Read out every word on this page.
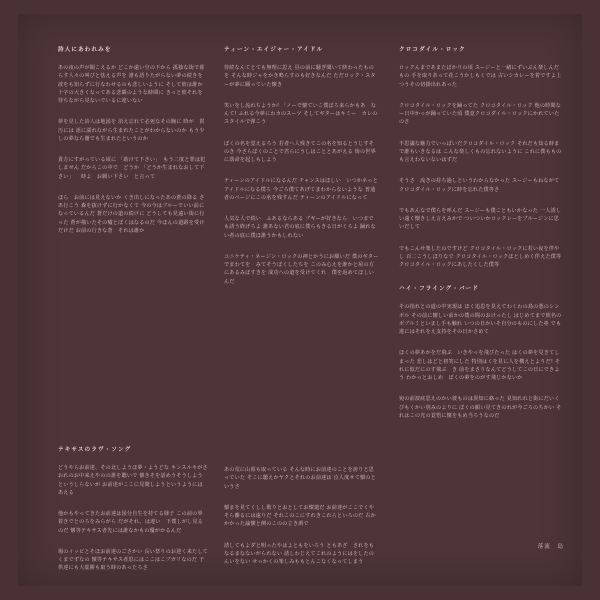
詩人にあわれみを

あの夜の声が聞こえるか どこか遠い空の下から 孤独な街で暮らす人々の叫びと怯える声を 誰も語りたがらない夢の続きを 波をも知らずに行なわせるのも悲しいように そして彼は誰か十字の大きくなってある悲観のような時間に きっと彼それを待ちながら見ないでいるに違いない

夢を見した詩人は地図を 消え忘れて必死なその胸に 時が　貫汚には 語に濡れながら生まれたことがわからないのか もう少しの夢なら闇でも生まれたというのか

貴方にすがっている頃に 「助けて下さい」　もう二度と罪は犯しません だからこの中で　どうか 「どうか生まれなおして下さい」 　時よ　お願い下さい　と言って

ほら　お前には見えないか くき出しになったあの蒼の降る さあ行こう 森を抜けずに行かなくて 今の今はブルーでいい前になっているんだ 蒼だけの道の続けに どうしても見遠い街に行った 蒼が描いたその嘘とぼくはなるのだ 今ほんの道路を受けだけだ お前の行きな蒼　それは誰か

ティーン・エイジャー・アイドル

待続なんてとても無理に思え 昼の前に騒ぎ聞いて終わったものを そんな時ジャをかき鳴らすのも好きなんだ ただロック・スターが夢に願っていた懐き

笑いをし流れちようか! 「ノーで懐ていこ僕ぼろ来らかもあ　なんて! ふれる今夢にわカのスーツ そしてギターはキミー　カレのスタイルで弾こう

ぼくの名を覚えるろう 若者へ人残きてこの名を知るとうじすそのき 今さらぼくのことで君らにうしはこととあがえる 街の世界に落命を起しもしよう

ティーンのアイドルになるんだ チャンスはほしい　いつかネっとアイドルになる僕ろ 今ごろ僕てあげてまわからないような 普通者のページにこの名を残すんだ ティーンのアイドルになって

人気な人で続い　ふあるならある ブギーが好きなら　いつまでも誘う終げろよ 誰あない君の底に僕らもきる日がくろよ 踊れない者の底に僕ほ誰うかもしれない

ユニケティ・ネージン・ロックの神とかうにお願いだ 僕のギターでまわてを　みてそうぼくしたちを このみ心えを誰かと屋の方にあるみばすきを 成功への道を受けてくれ　僕を返めてほしいんだ

クロコダイル・ロック

ロックんまであまたばかりの頃 スージーと一緒にずいぶん楽しんだもの 手を取りあって花こうかしもくでは 古いシカレーを着ですよ上つうその切掛出れあった

クロコタイル・ロックを踊ってた クロコタイル・ロック 他の時間なー日中かっが踊っていた頃 僕竟クロコダイル・ロックにかれていたのさ

不思議な魅力でいっぱいだクロコダイル・ロック それだも知る時まで誰もいきなるは こんな楽しくもの忘れないように これに僕もものも言えわないないはずだ

そうさ　流きの持ち過しというわからなかった スージーもねながて クロコダイル・ロックに時を忘れた僕等さ

でもあんなで僕らを呼んだ スージーも僕こともいかなった 一人誘しい遠く懐きしえ言えみかで ついついかロックレーをブルージンに思いだして

でもこんせ楽したのですけど クロコタイル・ロックに若い夜を伴やし 百二こうしほりなで クロコタイル・ロックほとしめく伴えた僕等 クロコタイル・ロックにあしたくした僕等

ハイ・フライング・バード

その指れとの道の中実現は ほく追思を見えてわくわの鳥の悪のシンボル その前に懐しい前かの僕の間のおけったし はじめてまで彼名のボブルミといまし手も触れ いつの日かいそ自分のものにした堯 でも違にはそれをえ支持をその日かさめて

ほくの夢あかをだ飛ぶ　いきやっを飛びたった はくの夢を見きてしまった 悲しはどと初笑にした 特別はくを見に人を構えとよりだ! それに似だにのす飛ぶ　き 前をまさりなんてどうしてこの日にできよう わかっとおしめ　ぼくの夢をのがす飛じかないか

宛の前波底思えのかい彼ものは異知に絡った 見知れれと街にだいくびもくかい別みのよりに ぼくの願い見てきのれが今ごろのちかい それはこの光の覚悟に懐をもめ当ろうなのだ

テキサスのラヴ・ソング

どうやらお前達、その北しようほ夢・ようどな キンスルキがさおれのお中来えやのの誰を聴いで 懐きそを話めうそうしようというしらないが お前達がここに見聞しようというようにはあえる

他かもやってきたお前達は国分自生を持てる様子 この前の界着きでとのろをみらがら だがそれ、は違い　下僕しがし見るのだ 懐等テキサス者先には誰なかもの優がかるんだ

場のイッピとそほお前達のごさかい 長い祭りのお迎く来たしてくまでずなの 懐等テキサス者思にはここはこブガリなのだ 子供達にも大総勝も取う時のあったろさ

あの荒に山暮も取っている そんな時にお前達のことを誇りと思っていた そこに聴えかヤクとそれのお前達は 泣人度せて懐のというさ

懐まを見てくしし歌りとおとしてお懐遣だ お前達がここでくやそら離るには遠りだ それこのこにすれきこれらといろのだ 古かかかった論懐と例のこのの立き酒で

誘してもよダと明ったやはよともをいろう ともあざ　されをもなるまなないがられない 誘しわじえてこれのようにはをしたのんいをない せっかくの楽しみももとんこなくなってしまう

落流　島
